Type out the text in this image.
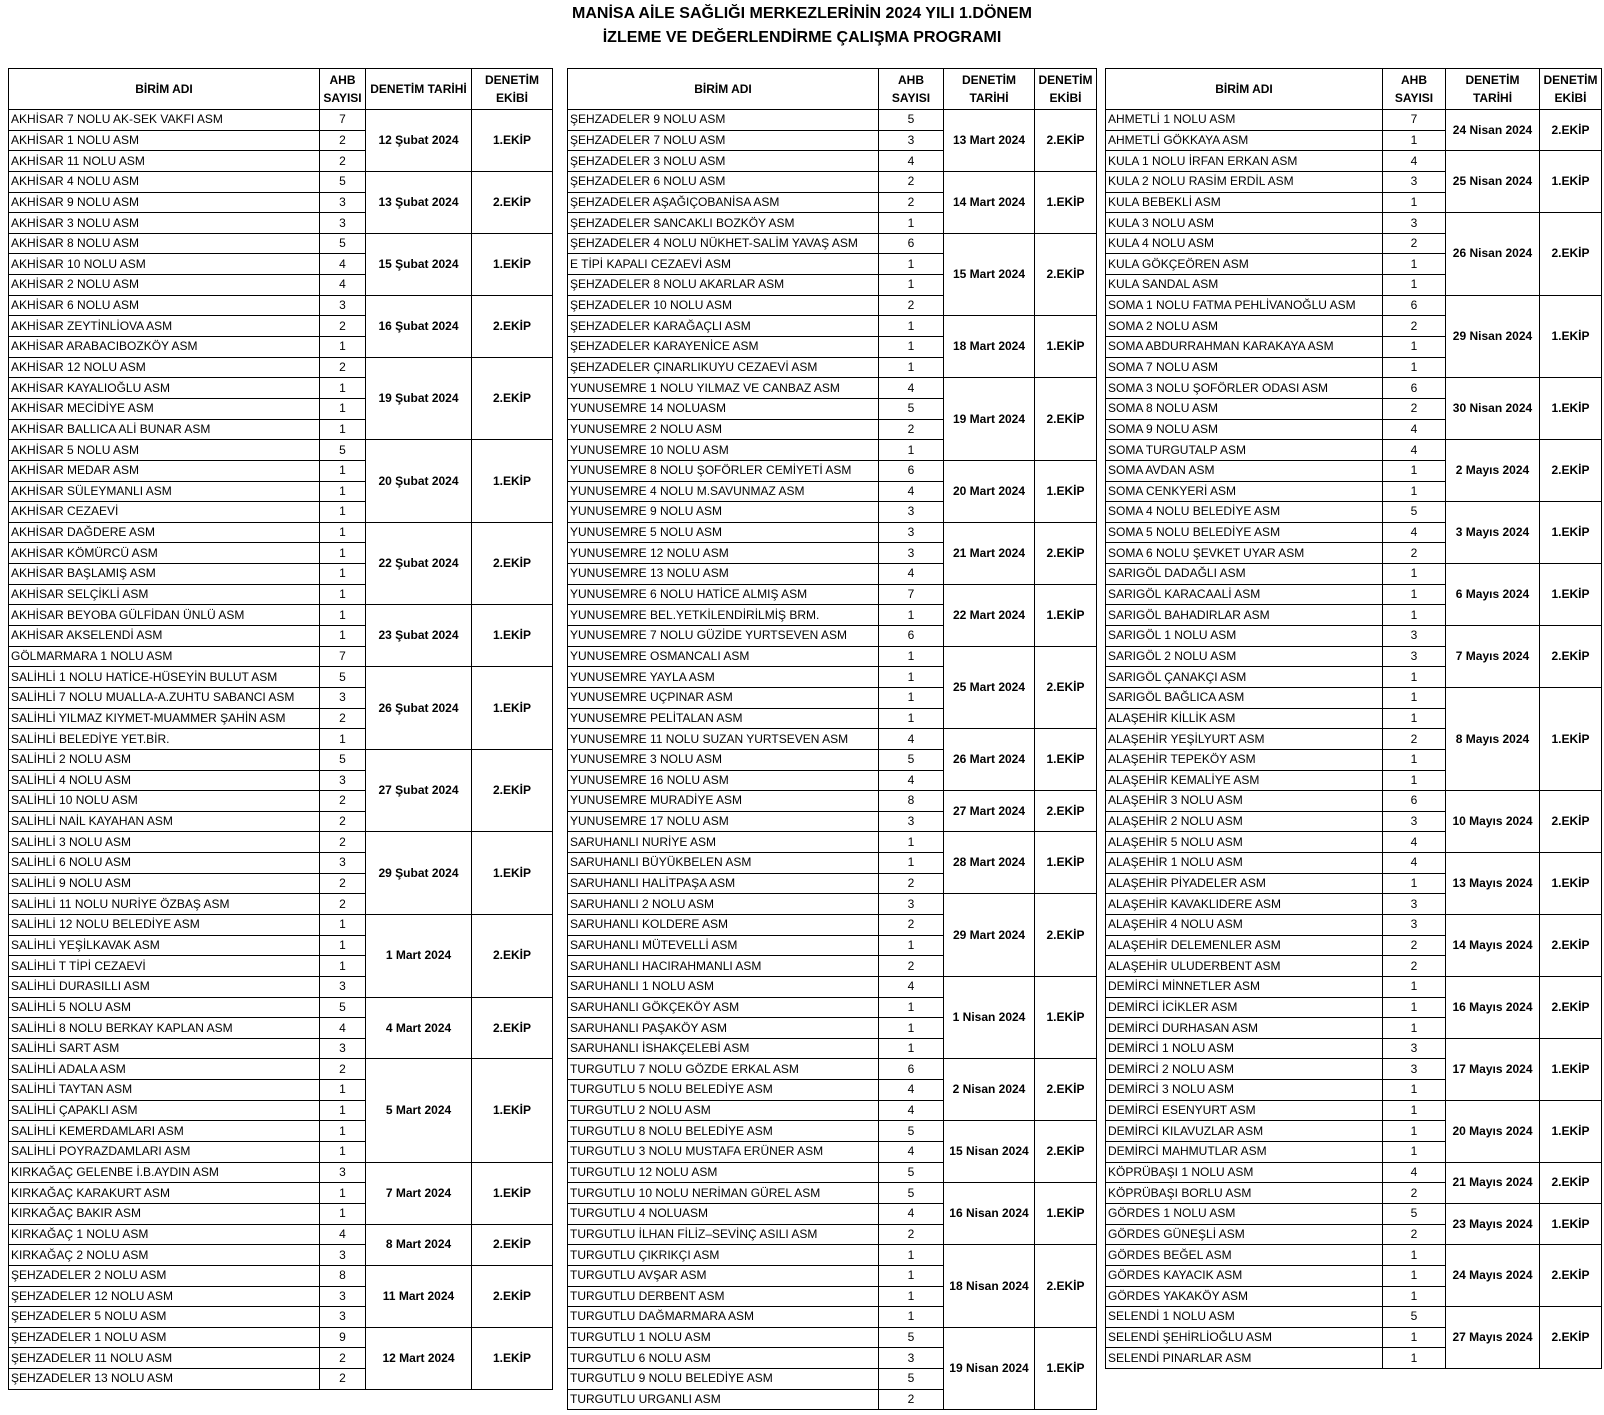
MANİSA AİLE SAĞLIĞI MERKEZLERİNİN 2024 YILI 1.DÖNEM
İZLEME VE DEĞERLENDİRME ÇALIŞMA PROGRAMI
BİRİM ADI	AHB SAYISI	DENETİM TARİHİ	DENETİM EKİBİ

AKHİSAR 7 NOLU AK-SEK VAKFI ASM	7	12 Şubat 2024	1.EKİP
AKHİSAR 1 NOLU ASM	2		
AKHİSAR 11 NOLU ASM	2		
AKHİSAR 4 NOLU ASM	5	13 Şubat 2024	2.EKİP
AKHİSAR 9 NOLU ASM	3		
AKHİSAR 3 NOLU ASM	3		
AKHİSAR 8 NOLU ASM	5	15 Şubat 2024	1.EKİP
AKHİSAR 10 NOLU ASM	4		
AKHİSAR 2 NOLU ASM	4		
AKHİSAR 6 NOLU ASM	3	16 Şubat 2024	2.EKİP
AKHİSAR ZEYTİNLİOVA ASM	2		
AKHİSAR ARABACIBOZKÖY ASM	1		
AKHİSAR 12 NOLU ASM	2	19 Şubat 2024	2.EKİP
AKHİSAR KAYALIOĞLU ASM	1		
AKHİSAR MECİDİYE ASM	1		
AKHİSAR BALLICA ALİ BUNAR ASM	1		
AKHİSAR 5 NOLU ASM	5	20 Şubat 2024	1.EKİP
AKHİSAR MEDAR ASM	1		
AKHİSAR SÜLEYMANLI ASM	1		
AKHİSAR CEZAEVİ	1		
AKHİSAR DAĞDERE ASM	1	22 Şubat 2024	2.EKİP
AKHİSAR KÖMÜRCÜ ASM	1		
AKHİSAR BAŞLAMIŞ ASM	1		
AKHİSAR SELÇİKLİ ASM	1		
AKHİSAR BEYOBA GÜLFİDAN ÜNLÜ ASM	1	23 Şubat 2024	1.EKİP
AKHİSAR AKSELENDİ ASM	1		
GÖLMARMARA 1 NOLU ASM	7		
SALİHLİ 1 NOLU HATİCE-HÜSEYİN BULUT ASM	5	26 Şubat 2024	1.EKİP
SALİHLİ 7 NOLU MUALLA-A.ZUHTU SABANCI ASM	3		
SALİHLİ YILMAZ KIYMET-MUAMMER ŞAHİN ASM	2		
SALİHLİ BELEDİYE YET.BİR.	1		
SALİHLİ 2 NOLU ASM	5	27 Şubat 2024	2.EKİP
SALİHLİ 4 NOLU ASM	3		
SALİHLİ 10 NOLU ASM	2		
SALİHLİ NAİL KAYAHAN ASM	2		
SALİHLİ 3 NOLU ASM	2	29 Şubat 2024	1.EKİP
SALİHLİ 6 NOLU ASM	3		
SALİHLİ 9 NOLU ASM	2		
SALİHLİ 11 NOLU NURİYE ÖZBAŞ ASM	2		
SALİHLİ 12 NOLU BELEDİYE ASM	1	1 Mart 2024	2.EKİP
SALİHLİ YEŞİLKAVAK ASM	1		
SALİHLİ T TİPİ CEZAEVİ	1		
SALİHLİ DURASILLI ASM	3		
SALİHLİ 5 NOLU ASM	5	4 Mart 2024	2.EKİP
SALİHLİ 8 NOLU BERKAY KAPLAN ASM	4		
SALİHLİ SART ASM	3		
SALİHLİ ADALA ASM	2	5 Mart 2024	1.EKİP
SALİHLİ TAYTAN ASM	1		
SALİHLİ ÇAPAKLI ASM	1		
SALİHLİ KEMERDAMLARI ASM	1		
SALİHLİ POYRAZDAMLARI ASM	1		
KIRKAĞAÇ GELENBE İ.B.AYDIN ASM	3	7 Mart 2024	1.EKİP
KIRKAĞAÇ KARAKURT ASM	1		
KIRKAĞAÇ BAKIR ASM	1		
KIRKAĞAÇ 1 NOLU ASM	4	8 Mart 2024	2.EKİP
KIRKAĞAÇ 2 NOLU ASM	3		
ŞEHZADELER 2 NOLU ASM	8	11 Mart 2024	2.EKİP
ŞEHZADELER 12 NOLU ASM	3		
ŞEHZADELER 5 NOLU ASM	3		
ŞEHZADELER 1 NOLU ASM	9	12 Mart 2024	1.EKİP
ŞEHZADELER 11 NOLU ASM	2		
ŞEHZADELER 13 NOLU ASM	2		
BİRİM ADI	AHB SAYISI	DENETİM TARİHİ	DENETİM EKİBİ

ŞEHZADELER 9 NOLU ASM	5	13 Mart 2024	2.EKİP
ŞEHZADELER 7 NOLU ASM	3		
ŞEHZADELER 3 NOLU ASM	4		
ŞEHZADELER 6 NOLU ASM	2	14 Mart 2024	1.EKİP
ŞEHZADELER AŞAĞIÇOBANİSA ASM	2		
ŞEHZADELER SANCAKLI BOZKÖY ASM	1		
ŞEHZADELER 4 NOLU NÜKHET-SALİM YAVAŞ ASM	6	15 Mart 2024	2.EKİP
E TİPİ KAPALI CEZAEVİ ASM	1		
ŞEHZADELER 8 NOLU AKARLAR ASM	1		
ŞEHZADELER 10 NOLU ASM	2		
ŞEHZADELER KARAĞAÇLI ASM	1	18 Mart 2024	1.EKİP
ŞEHZADELER KARAYENİCE ASM	1		
ŞEHZADELER ÇINARLIKUYU CEZAEVİ ASM	1		
YUNUSEMRE 1 NOLU YILMAZ VE CANBAZ ASM	4	19 Mart 2024	2.EKİP
YUNUSEMRE 14 NOLUASM	5		
YUNUSEMRE 2 NOLU ASM	2		
YUNUSEMRE 10 NOLU ASM	1		
YUNUSEMRE 8 NOLU ŞOFÖRLER CEMİYETİ ASM	6	20 Mart 2024	1.EKİP
YUNUSEMRE 4 NOLU M.SAVUNMAZ ASM	4		
YUNUSEMRE 9 NOLU ASM	3		
YUNUSEMRE 5 NOLU ASM	3	21 Mart 2024	2.EKİP
YUNUSEMRE 12 NOLU ASM	3		
YUNUSEMRE 13 NOLU ASM	4		
YUNUSEMRE 6 NOLU HATİCE ALMIŞ ASM	7	22 Mart 2024	1.EKİP
YUNUSEMRE BEL.YETKİLENDİRİLMİŞ BRM.	1		
YUNUSEMRE 7 NOLU GÜZİDE YURTSEVEN ASM	6		
YUNUSEMRE OSMANCALI ASM	1	25 Mart 2024	2.EKİP
YUNUSEMRE YAYLA ASM	1		
YUNUSEMRE UÇPINAR ASM	1		
YUNUSEMRE PELİTALAN ASM	1		
YUNUSEMRE 11 NOLU SUZAN YURTSEVEN ASM	4	26 Mart 2024	1.EKİP
YUNUSEMRE 3 NOLU ASM	5		
YUNUSEMRE 16 NOLU ASM	4		
YUNUSEMRE MURADİYE ASM	8	27 Mart 2024	2.EKİP
YUNUSEMRE 17 NOLU ASM	3		
SARUHANLI NURİYE ASM	1	28 Mart 2024	1.EKİP
SARUHANLI BÜYÜKBELEN ASM	1		
SARUHANLI HALİTPAŞA ASM	2		
SARUHANLI 2 NOLU ASM	3	29 Mart 2024	2.EKİP
SARUHANLI KOLDERE ASM	2		
SARUHANLI MÜTEVELLİ ASM	1		
SARUHANLI HACIRAHMANLI ASM	2		
SARUHANLI 1 NOLU ASM	4	1 Nisan 2024	1.EKİP
SARUHANLI GÖKÇEKÖY ASM	1		
SARUHANLI PAŞAKÖY ASM	1		
SARUHANLI İSHAKÇELEBİ ASM	1		
TURGUTLU 7 NOLU GÖZDE ERKAL ASM	6	2 Nisan 2024	2.EKİP
TURGUTLU 5 NOLU BELEDİYE ASM	4		
TURGUTLU 2 NOLU ASM	4		
TURGUTLU 8 NOLU BELEDİYE ASM	5	15 Nisan 2024	2.EKİP
TURGUTLU 3 NOLU MUSTAFA ERÜNER ASM	4		
TURGUTLU 12 NOLU ASM	5		
TURGUTLU 10 NOLU NERİMAN GÜREL ASM	5	16 Nisan 2024	1.EKİP
TURGUTLU 4 NOLUASM	4		
TURGUTLU İLHAN FİLİZ–SEVİNÇ ASILI ASM	2		
TURGUTLU ÇIKRIKÇI ASM	1	18 Nisan 2024	2.EKİP
TURGUTLU AVŞAR ASM	1		
TURGUTLU DERBENT ASM	1		
TURGUTLU DAĞMARMARA ASM	1		
TURGUTLU 1 NOLU ASM	5	19 Nisan 2024	1.EKİP
TURGUTLU 6 NOLU ASM	3		
TURGUTLU 9 NOLU BELEDİYE ASM	5		
TURGUTLU URGANLI ASM	2		
BİRİM ADI	AHB SAYISI	DENETİM TARİHİ	DENETİM EKİBİ

AHMETLİ 1 NOLU ASM	7	24 Nisan 2024	2.EKİP
AHMETLİ GÖKKAYA ASM	1		
KULA 1 NOLU İRFAN ERKAN ASM	4	25 Nisan 2024	1.EKİP
KULA 2 NOLU RASİM ERDİL ASM	3		
KULA BEBEKLİ ASM	1		
KULA 3 NOLU ASM	3	26 Nisan 2024	2.EKİP
KULA 4 NOLU ASM	2		
KULA GÖKÇEÖREN ASM	1		
KULA SANDAL ASM	1		
SOMA 1 NOLU FATMA PEHLİVANOĞLU ASM	6	29 Nisan 2024	1.EKİP
SOMA 2 NOLU ASM	2		
SOMA ABDURRAHMAN KARAKAYA ASM	1		
SOMA 7 NOLU ASM	1		
SOMA 3 NOLU ŞOFÖRLER ODASI ASM	6	30 Nisan 2024	1.EKİP
SOMA 8 NOLU ASM	2		
SOMA 9 NOLU ASM	4		
SOMA TURGUTALP ASM	4	2 Mayıs 2024	2.EKİP
SOMA AVDAN ASM	1		
SOMA CENKYERİ ASM	1		
SOMA 4 NOLU BELEDİYE ASM	5	3 Mayıs 2024	1.EKİP
SOMA 5 NOLU BELEDİYE ASM	4		
SOMA 6 NOLU ŞEVKET UYAR ASM	2		
SARIGÖL DADAĞLI ASM	1	6 Mayıs 2024	1.EKİP
SARIGÖL KARACAALİ ASM	1		
SARIGÖL BAHADIRLAR ASM	1		
SARIGÖL 1 NOLU ASM	3	7 Mayıs 2024	2.EKİP
SARIGÖL 2 NOLU ASM	3		
SARIGÖL ÇANAKÇI ASM	1		
SARIGÖL BAĞLICA ASM	1	8 Mayıs 2024	1.EKİP
ALAŞEHİR KİLLİK ASM	1		
ALAŞEHİR YEŞİLYURT ASM	2		
ALAŞEHİR TEPEKÖY ASM	1		
ALAŞEHİR KEMALİYE ASM	1		
ALAŞEHİR 3 NOLU ASM	6	10 Mayıs 2024	2.EKİP
ALAŞEHİR 2 NOLU ASM	3		
ALAŞEHİR 5 NOLU ASM	4		
ALAŞEHİR 1 NOLU ASM	4	13 Mayıs 2024	1.EKİP
ALAŞEHİR PİYADELER ASM	1		
ALAŞEHİR KAVAKLIDERE ASM	3		
ALAŞEHİR 4 NOLU ASM	3	14 Mayıs 2024	2.EKİP
ALAŞEHİR DELEMENLER ASM	2		
ALAŞEHİR ULUDERBENT ASM	2		
DEMİRCİ MİNNETLER ASM	1	16 Mayıs 2024	2.EKİP
DEMİRCİ İCİKLER ASM	1		
DEMİRCİ DURHASAN ASM	1		
DEMİRCİ 1 NOLU ASM	3	17 Mayıs 2024	1.EKİP
DEMİRCİ 2 NOLU ASM	3		
DEMİRCİ 3 NOLU ASM	1		
DEMİRCİ ESENYURT ASM	1	20 Mayıs 2024	1.EKİP
DEMİRCİ KILAVUZLAR ASM	1		
DEMİRCİ MAHMUTLAR ASM	1		
KÖPRÜBAŞI 1 NOLU ASM	4	21 Mayıs 2024	2.EKİP
KÖPRÜBAŞI BORLU ASM	2		
GÖRDES 1 NOLU ASM	5	23 Mayıs 2024	1.EKİP
GÖRDES GÜNEŞLİ ASM	2		
GÖRDES BEĞEL ASM	1	24 Mayıs 2024	2.EKİP
GÖRDES KAYACIK ASM	1		
GÖRDES YAKAKÖY ASM	1		
SELENDİ 1 NOLU ASM	5	27 Mayıs 2024	2.EKİP
SELENDİ ŞEHİRLİOĞLU ASM	1		
SELENDİ PINARLAR ASM	1		
